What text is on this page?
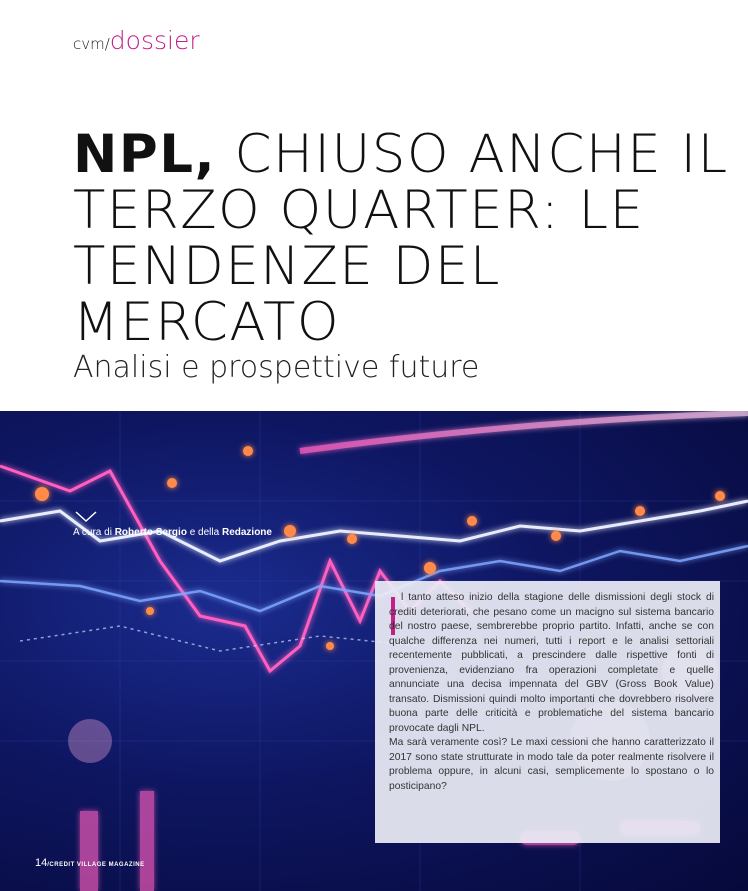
cvm/dossier
NPL, CHIUSO ANCHE IL TERZO QUARTER: LE TENDENZE DEL MERCATO
Analisi e prospettive future
A cura di Roberto Sergio e della Redazione
14/CREDIT VILLAGE MAGAZINE

l tanto atteso inizio della stagione delle dismissioni degli stock di crediti deteriorati, che pesano come un macigno sul sistema bancario del nostro paese, sembrerebbe proprio partito. Infatti, anche se con qualche differenza nei numeri, tutti i report e le analisi settoriali recentemente pubblicati, a prescindere dalle rispettive fonti di provenienza, evidenziano fra operazioni completate e quelle annunciate una decisa impennata del GBV (Gross Book Value) transato. Dismissioni quindi molto importanti che dovrebbero risolvere buona parte delle criticità e problematiche del sistema bancario provocate dagli NPL.

Ma sarà veramente così? Le maxi cessioni che hanno caratterizzato il 2017 sono state strutturate in modo tale da poter realmente risolvere il problema oppure, in alcuni casi, semplicemente lo spostano o lo posticipano?
